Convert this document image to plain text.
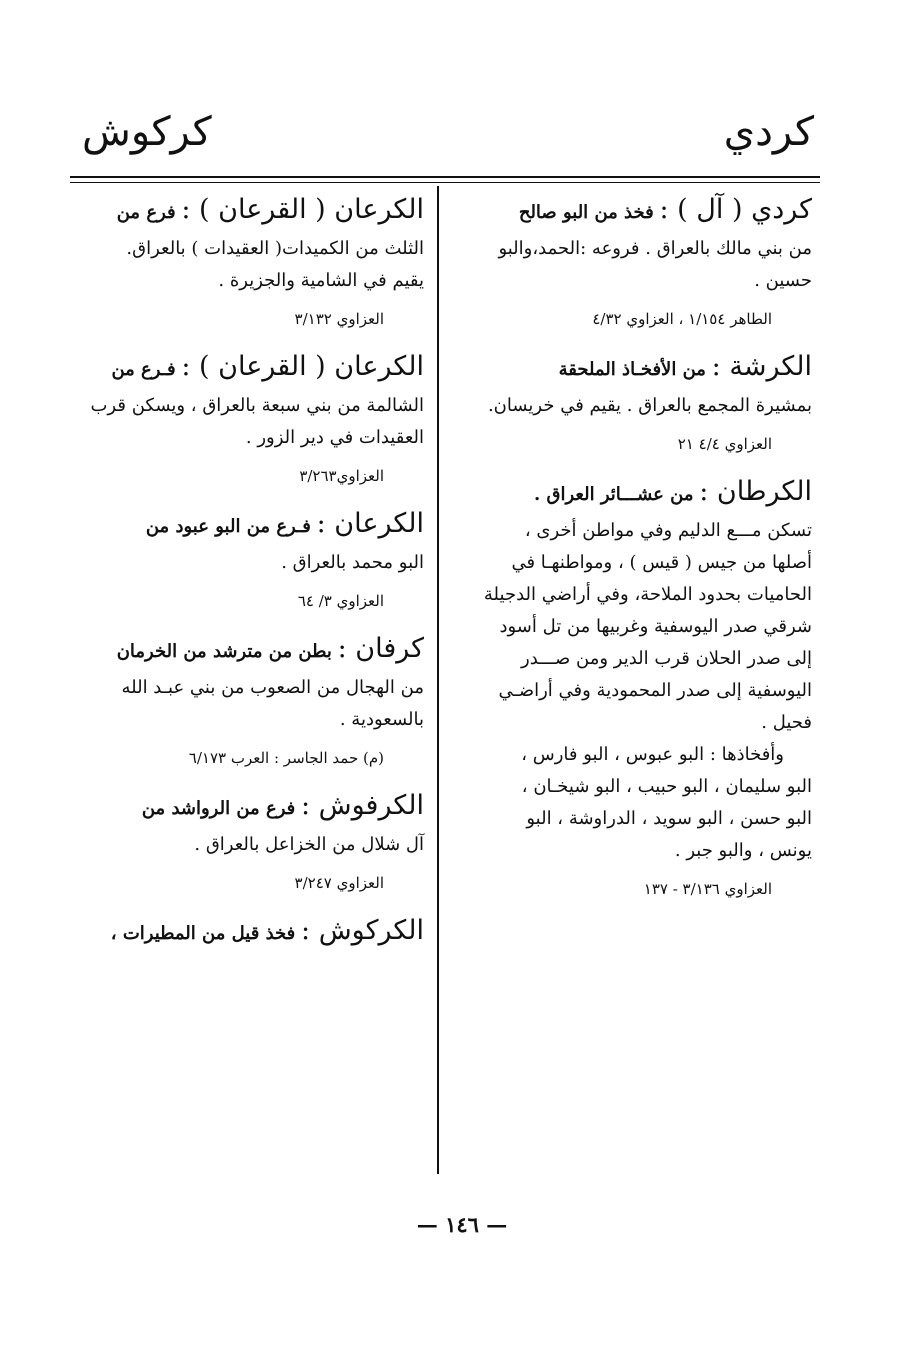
كردي
كركوش
كردي ( آل ) : فخذ من البو صالح
من بني مالك بالعراق . فروعه :الحمد،والبو
حسين .
الطاهر ١/١٥٤ ، العزاوي ٤/٣٢
الكرشة : من الأفخـاذ الملحقة
بمشيرة المجمع بالعراق . يقيم في خريسان.
العزاوي ٤/٤ ٢١
الكرطان : من عشـــائر العراق .
تسكن مـــع الدليم وفي مواطن أخرى ،
أصلها من جيس ( قيس ) ، ومواطنهـا في
الحاميات بحدود الملاحة، وفي أراضي الدجيلة
شرقي صدر اليوسفية وغربيها من تل أسود
إلى صدر الحلان قرب الدير ومن صـــدر
اليوسفية إلى صدر المحمودية وفي أراضـي
فحيل .
وأفخاذها : البو عبوس ، البو فارس ،
البو سليمان ، البو حبيب ، البو شيخـان ،
البو حسن ، البو سويد ، الدراوشة ، البو
يونس ، والبو جبر .
العزاوي ٣/١٣٦ - ١٣٧
الكرعان ( القرعان ) : فرع من
الثلث من الكميدات( العقيدات ) بالعراق.
يقيم في الشامية والجزيرة .
العزاوي ٣/١٣٢
الكرعان ( القرعان ) : فـرع من
الشالمة من بني سبعة بالعراق ، ويسكن قرب
العقيدات في دير الزور .
العزاوي٣/٢٦٣
الكرعان : فـرع من البو عبود من
البو محمد بالعراق .
العزاوي ٣/ ٦٤
كرفان : بطن من مترشد من الخرمان
من الهجال من الصعوب من بني عبـد الله
بالسعودية .
(م) حمد الجاسر : العرب ٦/١٧٣
الكرفوش : فرع من الرواشد من
آل شلال من الخزاعل بالعراق .
العزاوي ٣/٢٤٧
الكركوش : فخذ قيل من المطيرات ،
— ١٤٦ —
